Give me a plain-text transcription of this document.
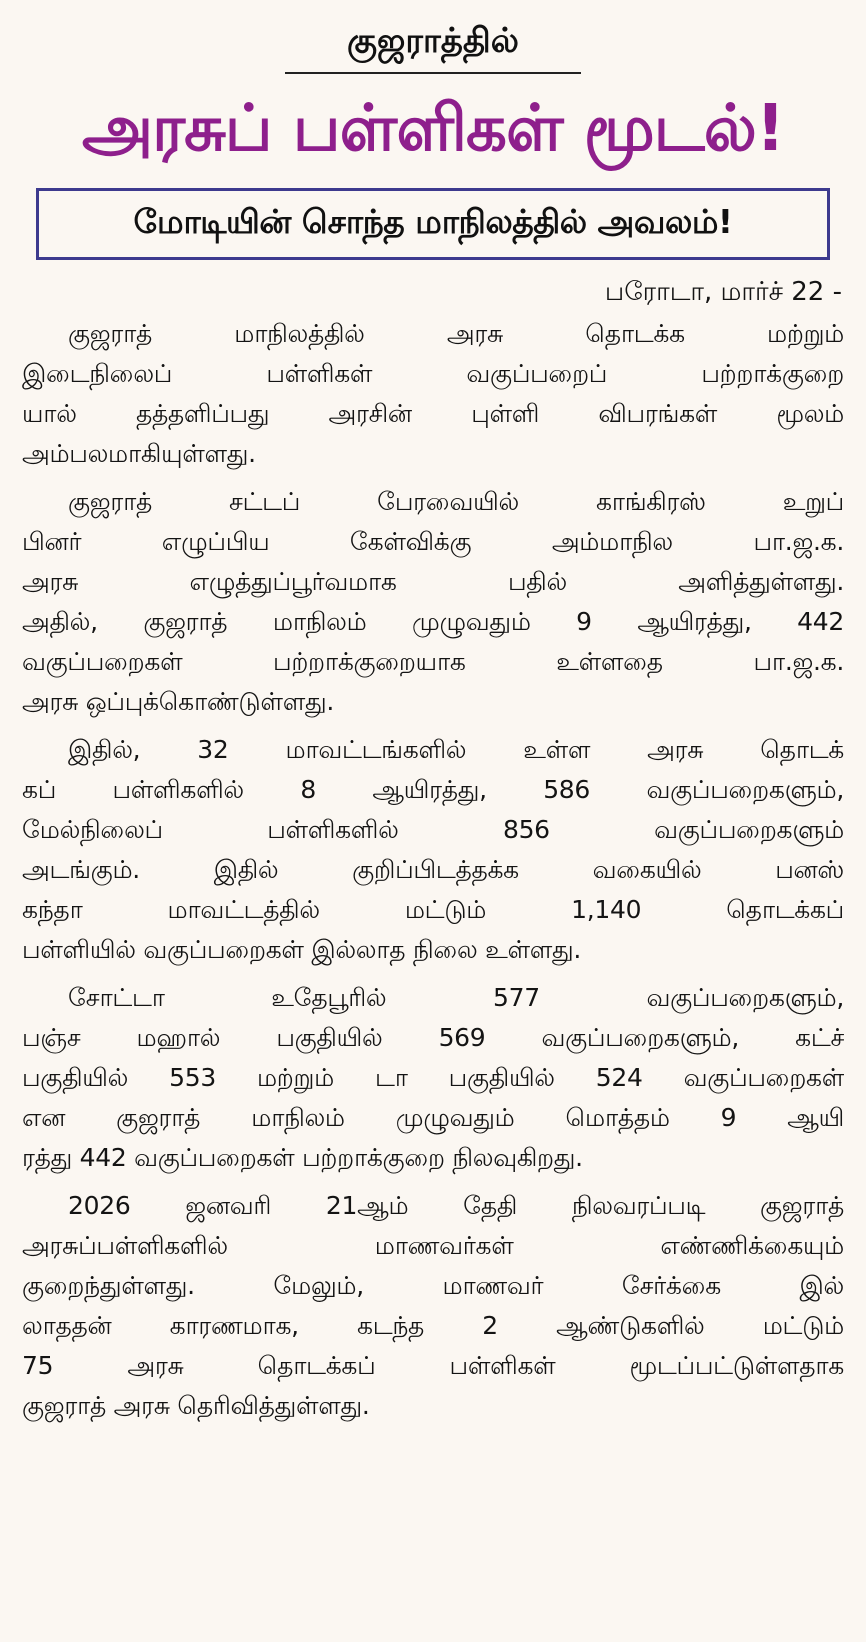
குஜராத்தில்
அரசுப் பள்ளிகள் மூடல்!
மோடியின் சொந்த மாநிலத்தில் அவலம்!
பரோடா, மார்ச் 22 -
குஜராத் மாநிலத்தில் அரசு தொடக்க மற்றும்
இடைநிலைப் பள்ளிகள் வகுப்பறைப் பற்றாக்குறை
யால் தத்தளிப்பது அரசின் புள்ளி விபரங்கள் மூலம்
அம்பலமாகியுள்ளது.
குஜராத் சட்டப் பேரவையில் காங்கிரஸ் உறுப்
பினர் எழுப்பிய கேள்விக்கு அம்மாநில பா.ஜ.க.
அரசு எழுத்துப்பூர்வமாக பதில் அளித்துள்ளது.
அதில், குஜராத் மாநிலம் முழுவதும் 9 ஆயிரத்து, 442
வகுப்பறைகள் பற்றாக்குறையாக உள்ளதை பா.ஜ.க.
அரசு ஒப்புக்கொண்டுள்ளது.
இதில், 32 மாவட்டங்களில் உள்ள அரசு தொடக்
கப் பள்ளிகளில் 8 ஆயிரத்து, 586 வகுப்பறைகளும்,
மேல்நிலைப் பள்ளிகளில் 856 வகுப்பறைகளும்
அடங்கும். இதில் குறிப்பிடத்தக்க வகையில் பனஸ்
கந்தா மாவட்டத்தில் மட்டும் 1,140 தொடக்கப்
பள்ளியில் வகுப்பறைகள் இல்லாத நிலை உள்ளது.
சோட்டா உதேபூரில் 577 வகுப்பறைகளும்,
பஞ்ச மஹால் பகுதியில் 569 வகுப்பறைகளும், கட்ச்
பகுதியில் 553 மற்றும் டா பகுதியில் 524 வகுப்பறைகள்
என குஜராத் மாநிலம் முழுவதும் மொத்தம் 9 ஆயி
ரத்து 442 வகுப்பறைகள் பற்றாக்குறை நிலவுகிறது.
2026 ஜனவரி 21ஆம் தேதி நிலவரப்படி குஜராத்
அரசுப்பள்ளிகளில் மாணவர்கள் எண்ணிக்கையும்
குறைந்துள்ளது. மேலும், மாணவர் சேர்க்கை இல்
லாததன் காரணமாக, கடந்த 2 ஆண்டுகளில் மட்டும்
75 அரசு தொடக்கப் பள்ளிகள் மூடப்பட்டுள்ளதாக
குஜராத் அரசு தெரிவித்துள்ளது.
